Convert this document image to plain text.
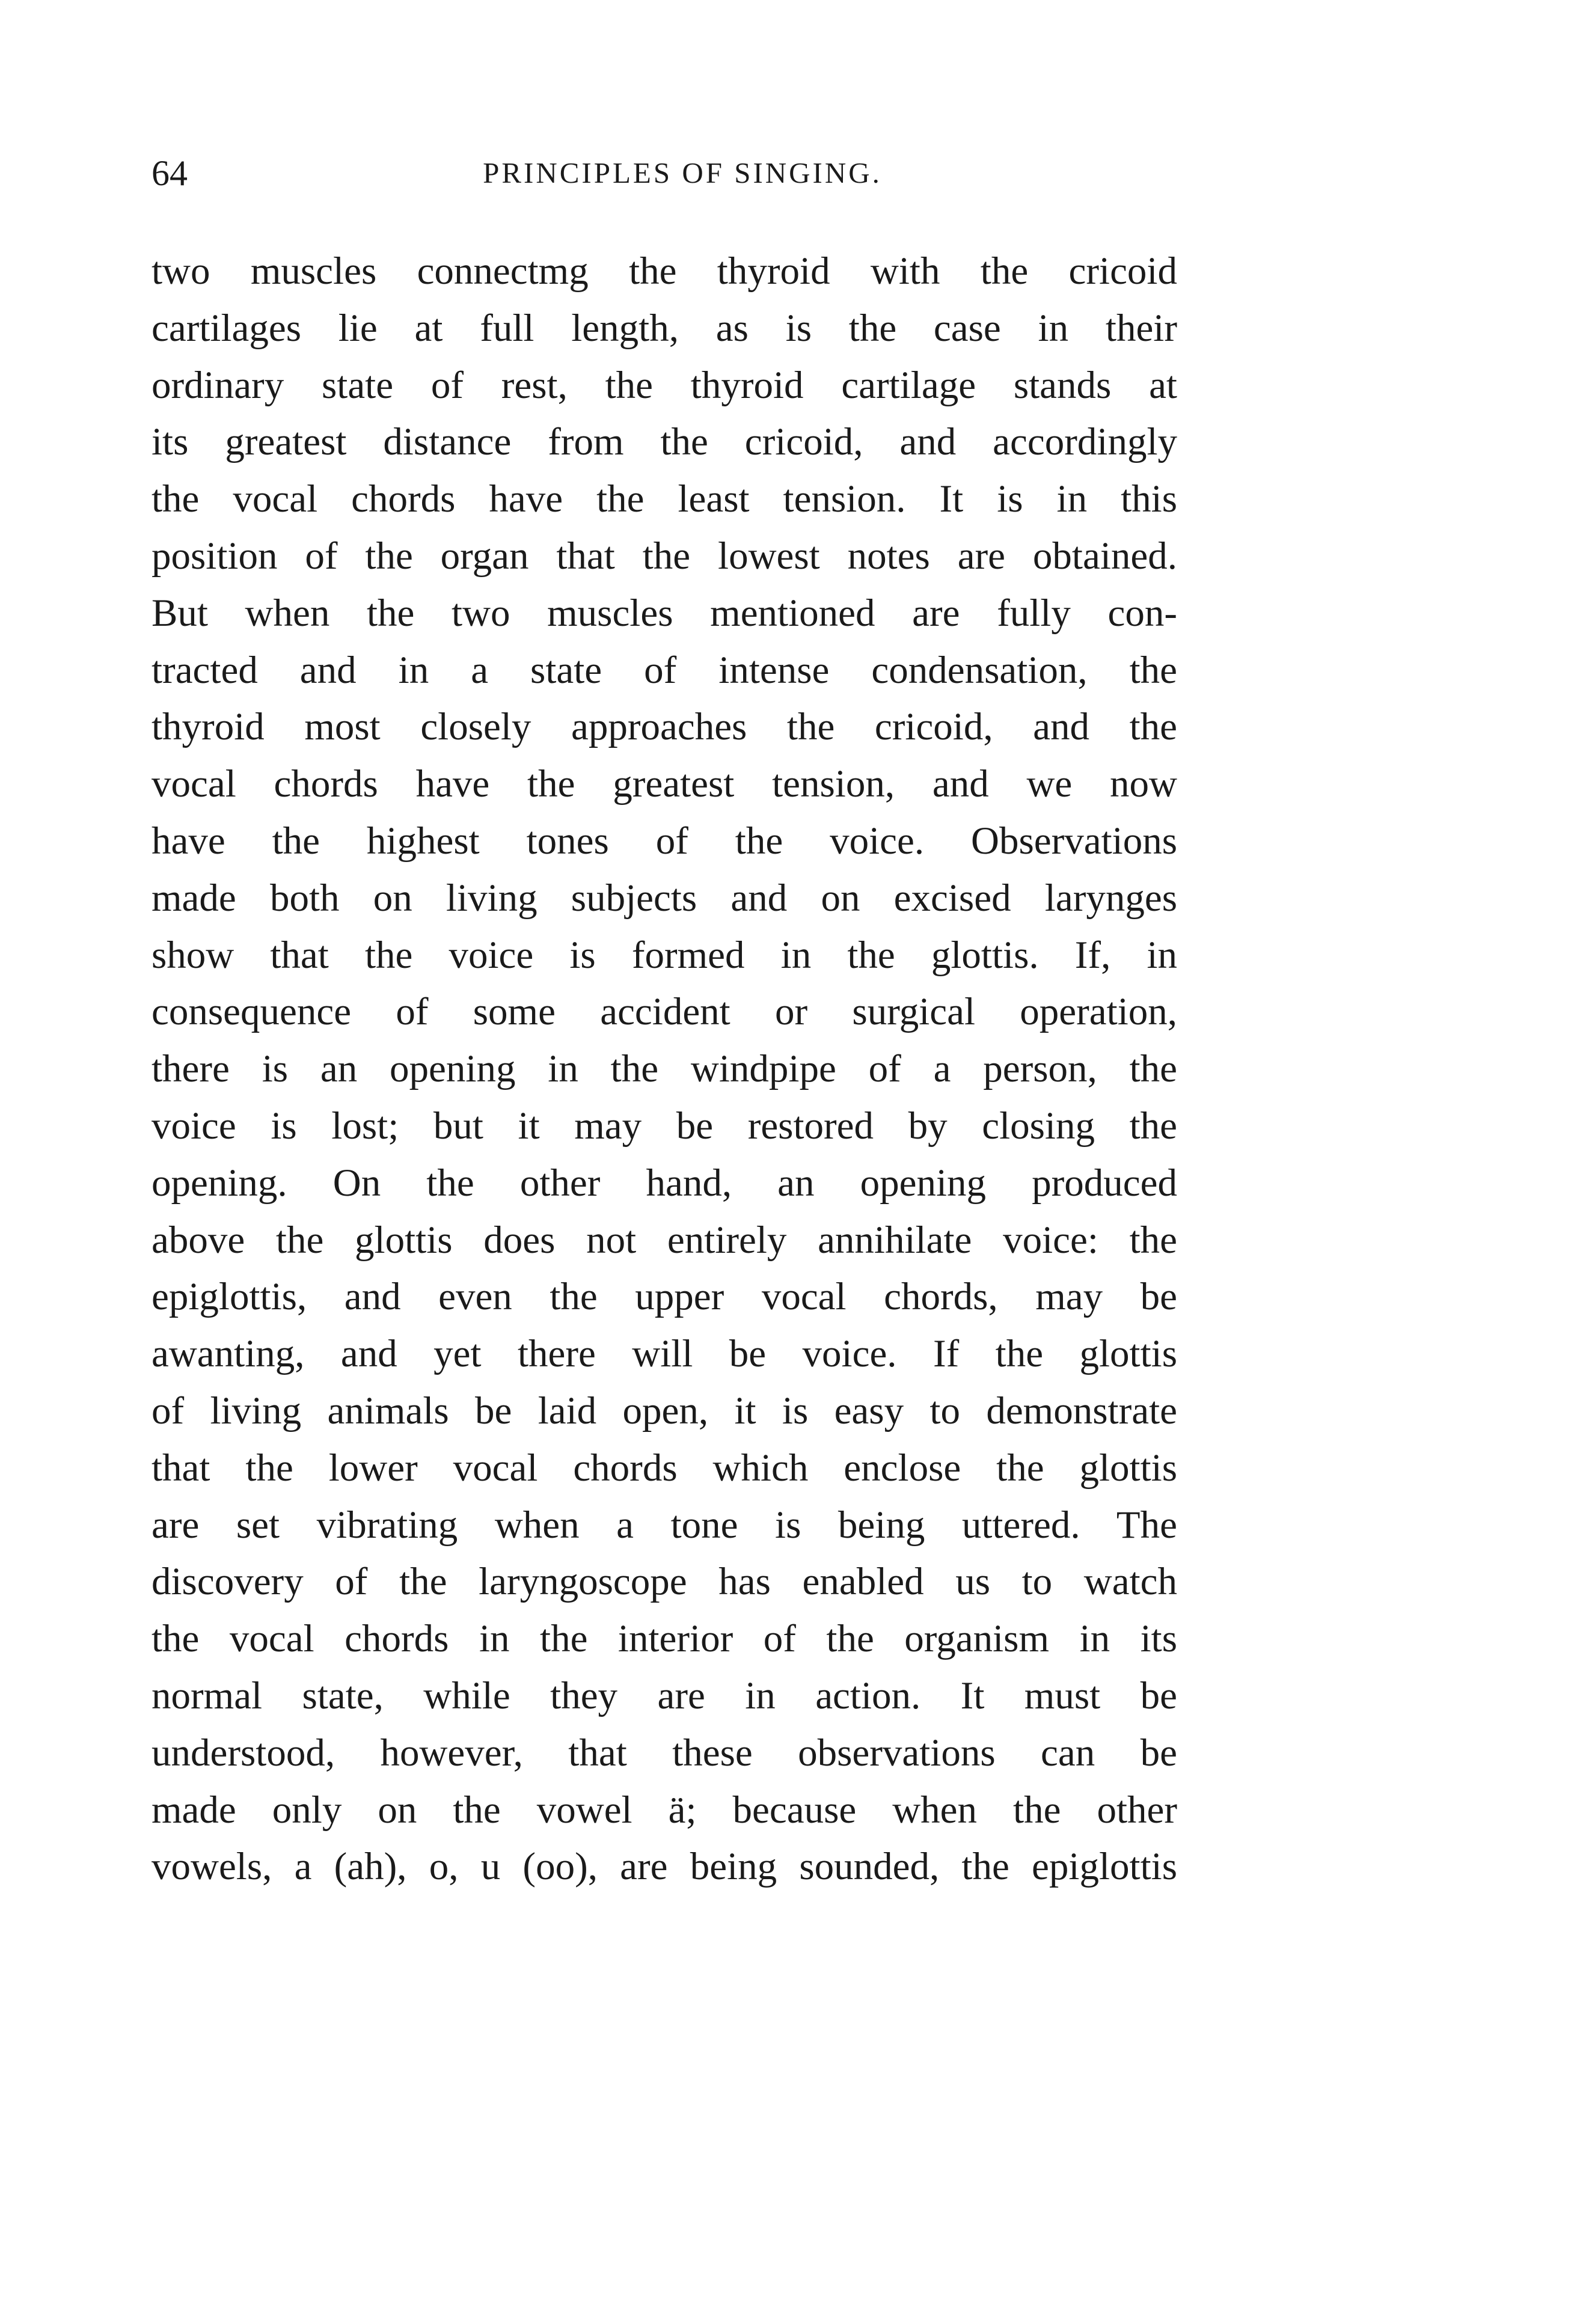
64	PRINCIPLES OF SINGING.
two muscles connectmg the thyroid with the cricoid
cartilages lie at full length, as is the case in their
ordinary state of rest, the thyroid cartilage stands at
its greatest distance from the cricoid, and accordingly
the vocal chords have the least tension. It is in this
position of the organ that the lowest notes are obtained.
But when the two muscles mentioned are fully con-
tracted and in a state of intense condensation, the
thyroid most closely approaches the cricoid, and the
vocal chords have the greatest tension, and we now
have the highest tones of the voice. Observations
made both on living subjects and on excised larynges
show that the voice is formed in the glottis. If, in
consequence of some accident or surgical operation,
there is an opening in the windpipe of a person, the
voice is lost; but it may be restored by closing the
opening. On the other hand, an opening produced
above the glottis does not entirely annihilate voice: the
epiglottis, and even the upper vocal chords, may be
awanting, and yet there will be voice. If the glottis
of living animals be laid open, it is easy to demonstrate
that the lower vocal chords which enclose the glottis
are set vibrating when a tone is being uttered. The
discovery of the laryngoscope has enabled us to watch
the vocal chords in the interior of the organism in its
normal state, while they are in action. It must be
understood, however, that these observations can be
made only on the vowel ä; because when the other
vowels, a (ah), o, u (oo), are being sounded, the epiglottis
